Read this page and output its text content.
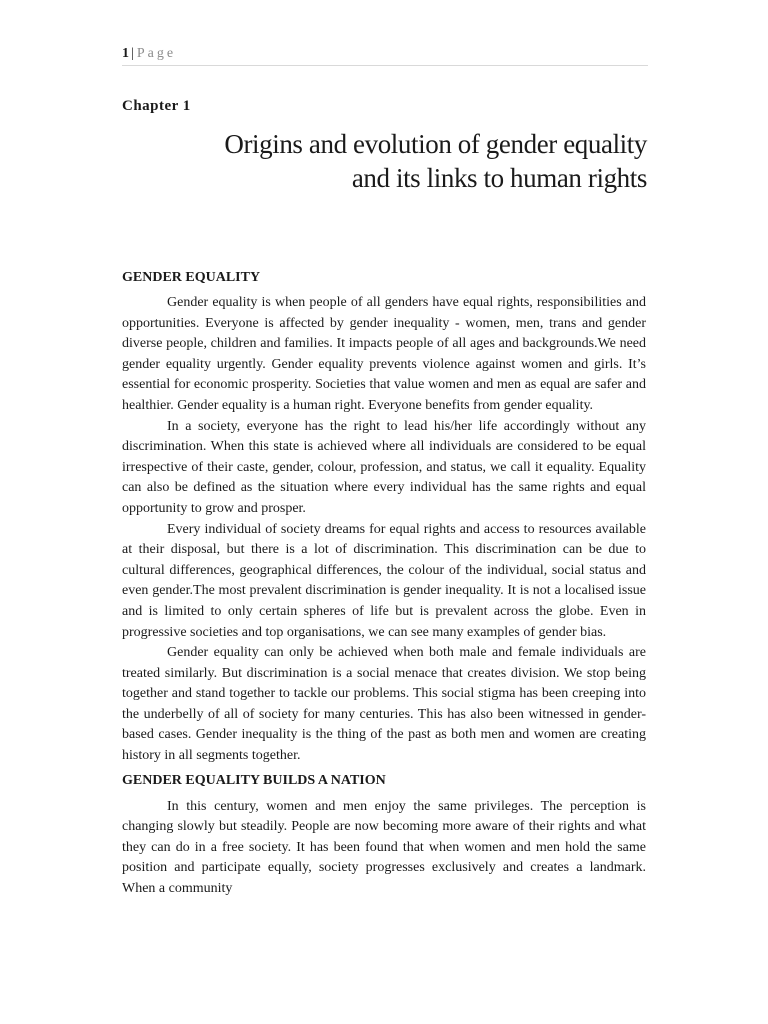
1 | Page
Chapter 1
Origins and evolution of gender equality
and its links to human rights
GENDER EQUALITY

Gender equality is when people of all genders have equal rights, responsibilities and opportunities. Everyone is affected by gender inequality - women, men, trans and gender diverse people, children and families. It impacts people of all ages and backgrounds.We need gender equality urgently. Gender equality prevents violence against women and girls. It’s essential for economic prosperity. Societies that value women and men as equal are safer and healthier. Gender equality is a human right. Everyone benefits from gender equality.

In a society, everyone has the right to lead his/her life accordingly without any discrimination. When this state is achieved where all individuals are considered to be equal irrespective of their caste, gender, colour, profession, and status, we call it equality. Equality can also be defined as the situation where every individual has the same rights and equal opportunity to grow and prosper.

Every individual of society dreams for equal rights and access to resources available at their disposal, but there is a lot of discrimination. This discrimination can be due to cultural differences, geographical differences, the colour of the individual, social status and even gender.The most prevalent discrimination is gender inequality. It is not a localised issue and is limited to only certain spheres of life but is prevalent across the globe. Even in progressive societies and top organisations, we can see many examples of gender bias.

Gender equality can only be achieved when both male and female individuals are treated similarly. But discrimination is a social menace that creates division. We stop being together and stand together to tackle our problems. This social stigma has been creeping into the underbelly of all of society for many centuries. This has also been witnessed in gender-based cases. Gender inequality is the thing of the past as both men and women are creating history in all segments together.

GENDER EQUALITY BUILDS A NATION

In this century, women and men enjoy the same privileges. The perception is changing slowly but steadily. People are now becoming more aware of their rights and what they can do in a free society. It has been found that when women and men hold the same position and participate equally, society progresses exclusively and creates a landmark. When a community
